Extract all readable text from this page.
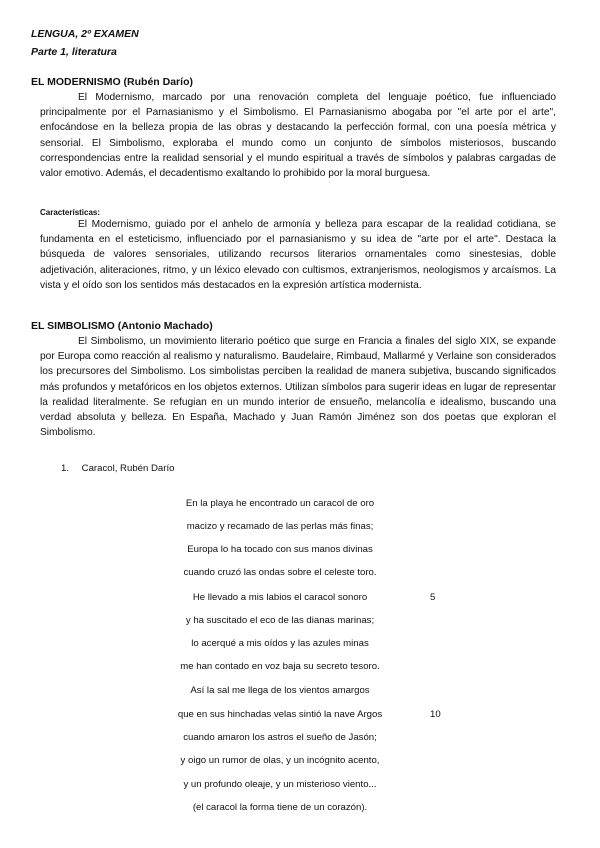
LENGUA, 2º EXAMEN
Parte 1, literatura
EL MODERNISMO (Rubén Darío)

El Modernismo, marcado por una renovación completa del lenguaje poético, fue influenciado principalmente por el Parnasianismo y el Simbolismo. El Parnasianismo abogaba por "el arte por el arte", enfocándose en la belleza propia de las obras y destacando la perfección formal, con una poesía métrica y sensorial. El Simbolismo, exploraba el mundo como un conjunto de símbolos misteriosos, buscando correspondencias entre la realidad sensorial y el mundo espiritual a través de símbolos y palabras cargadas de valor emotivo. Además, el decadentismo exaltando lo prohibido por la moral burguesa.

Características:

El Modernismo, guiado por el anhelo de armonía y belleza para escapar de la realidad cotidiana, se fundamenta en el esteticismo, influenciado por el parnasianismo y su idea de "arte por el arte". Destaca la búsqueda de valores sensoriales, utilizando recursos literarios ornamentales como sinestesias, doble adjetivación, aliteraciones, ritmo, y un léxico elevado con cultismos, extranjerismos, neologismos y arcaísmos. La vista y el oído son los sentidos más destacados en la expresión artística modernista.

EL SIMBOLISMO (Antonio Machado)

El Simbolismo, un movimiento literario poético que surge en Francia a finales del siglo XIX, se expande por Europa como reacción al realismo y naturalismo. Baudelaire, Rimbaud, Mallarmé y Verlaine son considerados los precursores del Simbolismo. Los simbolistas perciben la realidad de manera subjetiva, buscando significados más profundos y metafóricos en los objetos externos. Utilizan símbolos para sugerir ideas en lugar de representar la realidad literalmente. Se refugian en un mundo interior de ensueño, melancolía e idealismo, buscando una verdad absoluta y belleza. En España, Machado y Juan Ramón Jiménez son dos poetas que exploran el Simbolismo.

1. Caracol, Rubén Darío
En la playa he encontrado un caracol de oro
macizo y recamado de las perlas más finas;
Europa lo ha tocado con sus manos divinas
cuando cruzó las ondas sobre el celeste toro.
He llevado a mis labios el caracol sonoro	5
y ha suscitado el eco de las dianas marinas;
lo acerqué a mis oídos y las azules minas
me han contado en voz baja su secreto tesoro.
Así la sal me llega de los vientos amargos
que en sus hinchadas velas sintió la nave Argos	10
cuando amaron los astros el sueño de Jasón;
y oigo un rumor de olas, y un incógnito acento,
y un profundo oleaje, y un misterioso viento...
(el caracol la forma tiene de un corazón).
